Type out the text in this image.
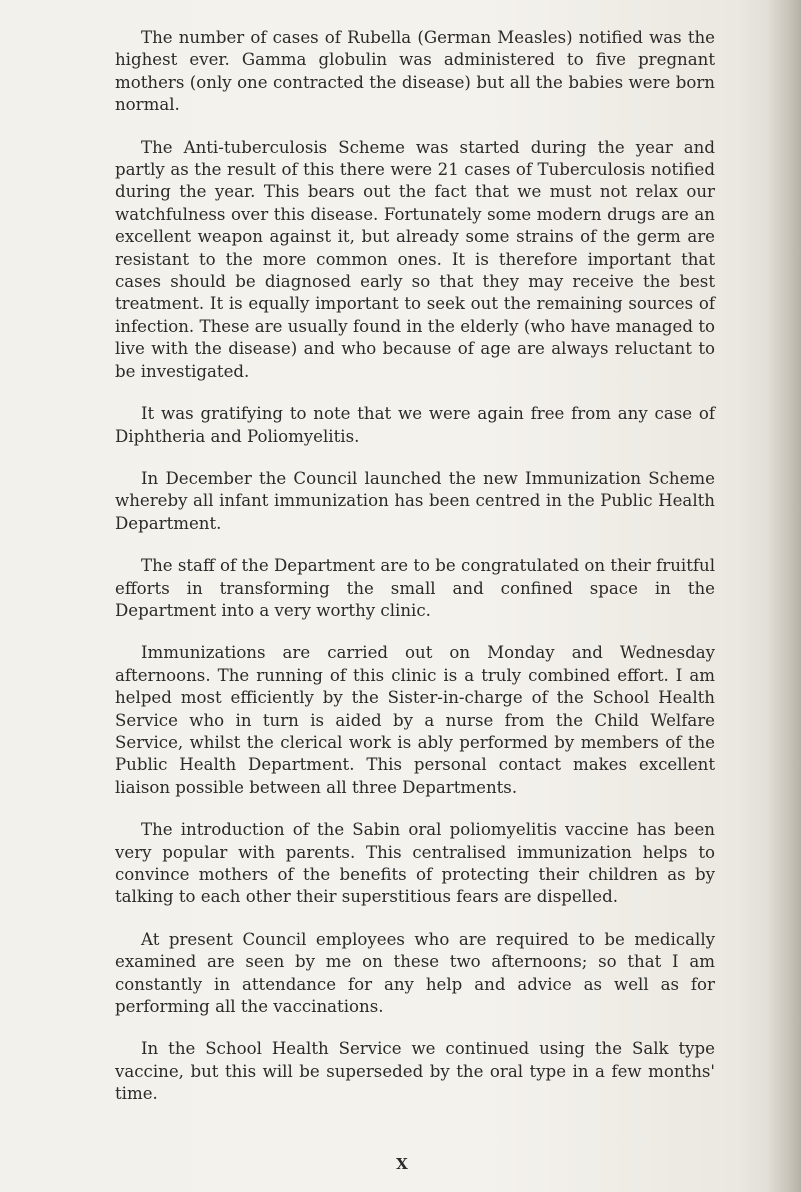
The number of cases of Rubella (German Measles) notified was the highest ever. Gamma globulin was administered to five pregnant mothers (only one contracted the disease) but all the babies were born normal.

The Anti-tuberculosis Scheme was started during the year and partly as the result of this there were 21 cases of Tuberculosis notified during the year. This bears out the fact that we must not relax our watchfulness over this disease. Fortunately some modern drugs are an excellent weapon against it, but already some strains of the germ are resistant to the more common ones. It is therefore important that cases should be diagnosed early so that they may receive the best treatment. It is equally important to seek out the remaining sources of infection. These are usually found in the elderly (who have managed to live with the disease) and who because of age are always reluctant to be investigated.

It was gratifying to note that we were again free from any case of Diphtheria and Poliomyelitis.

In December the Council launched the new Immunization Scheme whereby all infant immunization has been centred in the Public Health Department.

The staff of the Department are to be congratulated on their fruitful efforts in transforming the small and confined space in the Department into a very worthy clinic.

Immunizations are carried out on Monday and Wednesday afternoons. The running of this clinic is a truly combined effort. I am helped most efficiently by the Sister-in-charge of the School Health Service who in turn is aided by a nurse from the Child Welfare Service, whilst the clerical work is ably performed by members of the Public Health Department. This personal contact makes excellent liaison possible between all three Departments.

The introduction of the Sabin oral poliomyelitis vaccine has been very popular with parents. This centralised immunization helps to convince mothers of the benefits of protecting their children as by talking to each other their superstitious fears are dispelled.

At present Council employees who are required to be medically examined are seen by me on these two afternoons; so that I am constantly in attendance for any help and advice as well as for performing all the vaccinations.

In the School Health Service we continued using the Salk type vaccine, but this will be superseded by the oral type in a few months' time.

X
